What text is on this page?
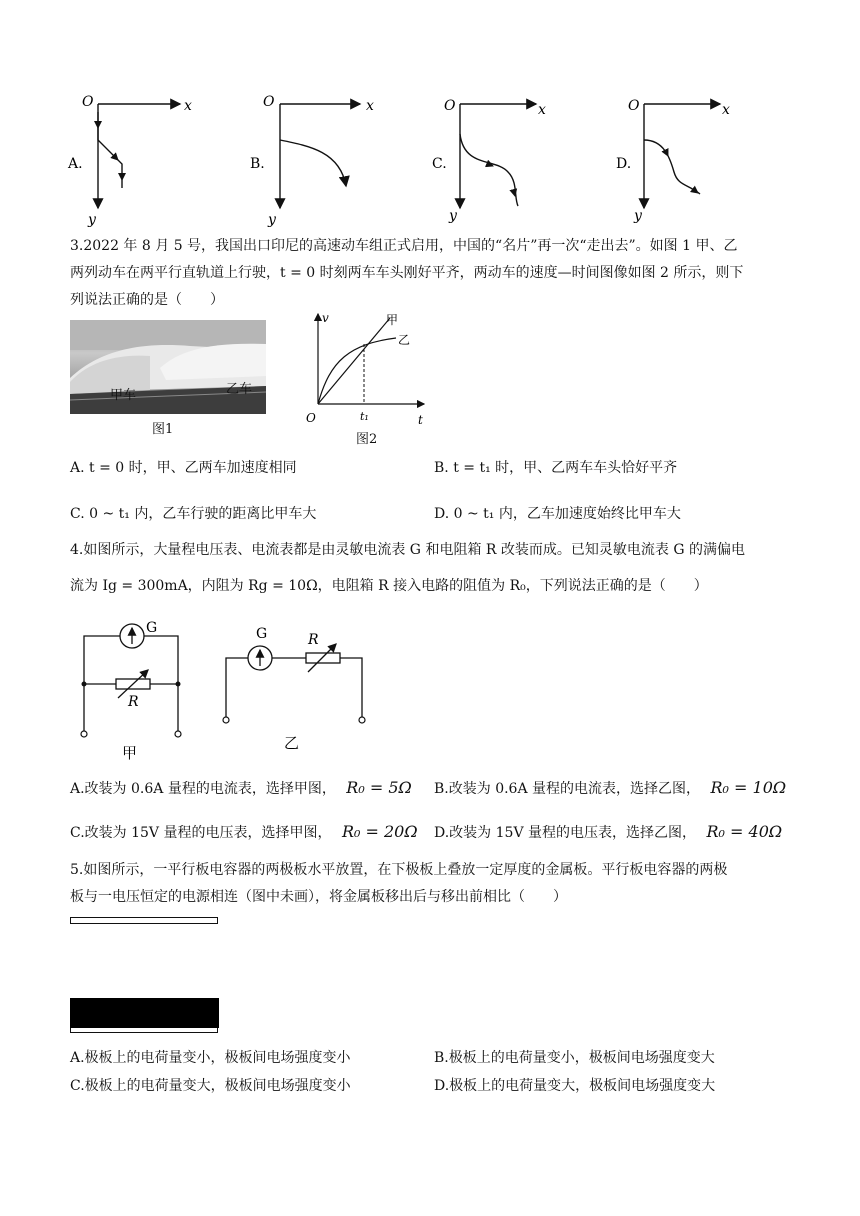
O	x
y
A.
O	x
y
B.
O	x
y
C.
O	x
y
D.
3.2022 年 8 月 5 号，我国出口印尼的高速动车组正式启用，中国的“名片”再一次“走出去”。如图 1 甲、乙
两列动车在两平行直轨道上行驶，t = 0 时刻两车车头刚好平齐，两动车的速度—时间图像如图 2 所示，则下
列说法正确的是（　　）
甲车	乙车
图1
v
t
O	t₁
甲
乙
图2
A. t = 0 时，甲、乙两车加速度相同	B. t = t₁ 时，甲、乙两车车头恰好平齐
C. 0 ~ t₁ 内，乙车行驶的距离比甲车大	D. 0 ~ t₁ 内，乙车加速度始终比甲车大
4.如图所示，大量程电压表、电流表都是由灵敏电流表 G 和电阻箱 R 改装而成。已知灵敏电流表 G 的满偏电
流为 Ig = 300mA，内阻为 Rg = 10Ω，电阻箱 R 接入电路的阻值为 R₀，下列说法正确的是（　　）
G
R
甲
G	R
乙
A.改装为 0.6A 量程的电流表，选择甲图， R₀ = 5Ω B.改装为 0.6A 量程的电流表，选择乙图， R₀ = 10Ω
C.改装为 15V 量程的电压表，选择甲图， R₀ = 20Ω D.改装为 15V 量程的电压表，选择乙图， R₀ = 40Ω
5.如图所示，一平行板电容器的两极板水平放置，在下极板上叠放一定厚度的金属板。平行板电容器的两极
板与一电压恒定的电源相连（图中未画），将金属板移出后与移出前相比（　　）
A.极板上的电荷量变小，极板间电场强度变小	B.极板上的电荷量变小，极板间电场强度变大
C.极板上的电荷量变大，极板间电场强度变小	D.极板上的电荷量变大，极板间电场强度变大
